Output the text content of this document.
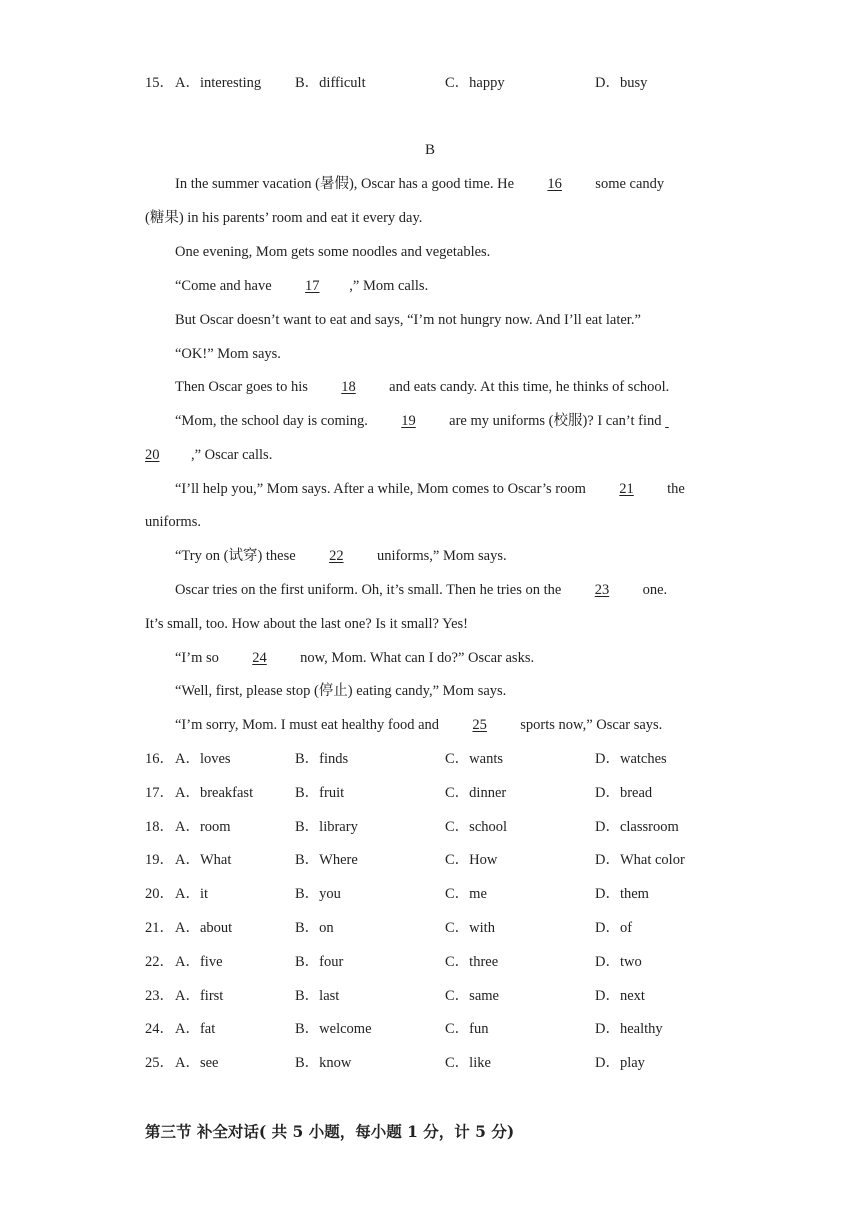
15． A．interesting B．difficult	C．happy	D．busy
B
In the summer vacation (暑假), Oscar has a good time. He 16 some candy
(糖果) in his parents’ room and eat it every day.
One evening, Mom gets some noodles and vegetables.
“Come and have 17 ,” Mom calls.
But Oscar doesn’t want to eat and says, “I’m not hungry now. And I’ll eat later.”
“OK!” Mom says.
Then Oscar goes to his 18 and eats candy. At this time, he thinks of school.
“Mom, the school day is coming. 19 are my uniforms (校服)? I can’t find
20 ,” Oscar calls.
“I’ll help you,” Mom says. After a while, Mom comes to Oscar’s room 21 the
uniforms.
“Try on (试穿) these 22 uniforms,” Mom says.
Oscar tries on the first uniform. Oh, it’s small. Then he tries on the 23 one.
It’s small, too. How about the last one? Is it small? Yes!
“I’m so 24 now, Mom. What can I do?” Oscar asks.
“Well, first, please stop (停止) eating candy,” Mom says.
“I’m sorry, Mom. I must eat healthy food and 25 sports now,” Oscar says.
16． A．loves	B．finds	C．wants	D．watches
17． A．breakfast	B．fruit	C．dinner	D．bread
18． A．room	B．library	C．school	D．classroom
19． A．What	B．Where	C．How	D．What color
20． A．it	B．you	C．me	D．them
21． A．about	B．on	C．with	D．of
22． A．five	B．four	C．three	D．two
23． A．first	B．last	C．same	D．next
24． A．fat	B．welcome	C．fun	D．healthy
25． A．see	B．know	C．like	D．play
第三节 补全对话( 共 5 小题，每小题 1 分，计 5 分)
